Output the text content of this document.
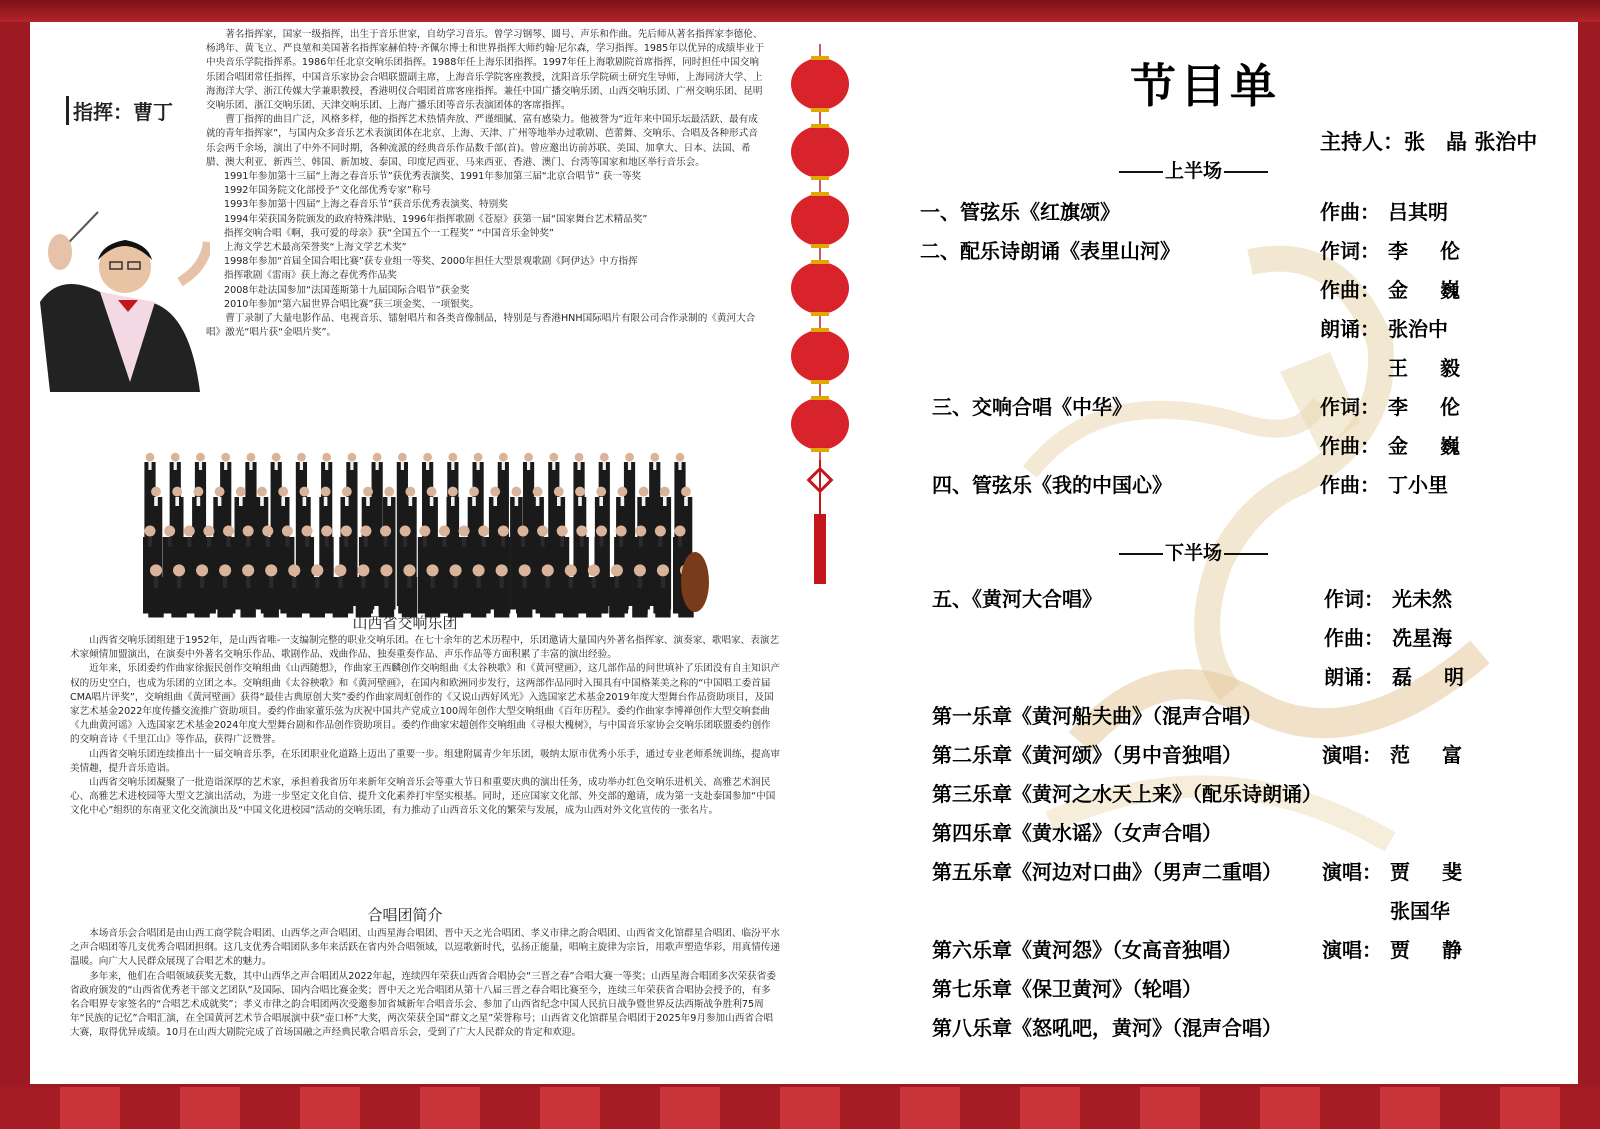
指挥：曹丁

著名指挥家，国家一级指挥，出生于音乐世家，自幼学习音乐。曾学习钢琴、圆号、声乐和作曲。先后师从著名指挥家李德伦、杨鸿年、黄飞立、严良堃和美国著名指挥家赫伯特·齐佩尔博士和世界指挥大师约翰·尼尔森，学习指挥。1985年以优异的成绩毕业于中央音乐学院指挥系。1986年任北京交响乐团指挥。1988年任上海乐团指挥。1997年任上海歌剧院首席指挥，同时担任中国交响乐团合唱团常任指挥，中国音乐家协会合唱联盟副主席，上海音乐学院客座教授，沈阳音乐学院硕士研究生导师，上海同济大学、上海海洋大学、浙江传媒大学兼职教授，香港明仪合唱团首席客座指挥。兼任中国广播交响乐团、山西交响乐团、广州交响乐团、昆明交响乐团、浙江交响乐团、天津交响乐团、上海广播乐团等音乐表演团体的客席指挥。

曹丁指挥的曲目广泛，风格多样，他的指挥艺术热情奔放、严谨细腻、富有感染力。他被誉为“近年来中国乐坛最活跃、最有成就的青年指挥家”，与国内众多音乐艺术表演团体在北京、上海、天津、广州等地举办过歌剧、芭蕾舞、交响乐、合唱及各种形式音乐会两千余场，演出了中外不同时期，各种流派的经典音乐作品数千部(首)。曾应邀出访前苏联、美国、加拿大、日本、法国、希腊、澳大利亚、新西兰、韩国、新加坡、泰国、印度尼西亚、马来西亚、香港、澳门、台湾等国家和地区举行音乐会。

1991年参加第十三届“上海之春音乐节”获优秀表演奖、1991年参加第三届“北京合唱节” 获一等奖
1992年国务院文化部授予“文化部优秀专家”称号
1993年参加第十四届“上海之春音乐节”获音乐优秀表演奖、特别奖
1994年荣获国务院颁发的政府特殊津贴、1996年指挥歌剧《苍原》获第一届“国家舞台艺术精品奖”
指挥交响合唱《啊，我可爱的母亲》获“全国五个一工程奖” “中国音乐金钟奖”
上海文学艺术最高荣誉奖“上海文学艺术奖”
1998年参加“首届全国合唱比赛”获专业组一等奖、2000年担任大型景观歌剧《阿伊达》中方指挥
指挥歌剧《雷雨》获上海之春优秀作品奖
2008年赴法国参加“法国莲斯第十九届国际合唱节”获金奖
2010年参加“第六届世界合唱比赛”获三项金奖、一项银奖。

曹丁录制了大量电影作品、电视音乐、镭射唱片和各类音像制品，特别是与香港HNH国际唱片有限公司合作录制的《黄河大合唱》激光“唱片获“金唱片奖”。

山西省交响乐团

山西省交响乐团组建于1952年，是山西省唯-一支编制完整的职业交响乐团。在七十余年的艺术历程中，乐团邀请大量国内外著名指挥家、演奏家、歌唱家、表演艺术家倾情加盟演出，在演奏中外著名交响乐作品、歌剧作品、戏曲作品、独奏重奏作品、声乐作品等方面积累了丰富的演出经验。

近年来，乐团委约作曲家徐振民创作交响组曲《山西随想》，作曲家王西麟创作交响组曲《太谷秧歌》和《黄河壁画》，这几部作品的问世填补了乐团没有自主知识产权的历史空白，也成为乐团的立团之本。交响组曲《太谷秧歌》和《黄河壁画》，在国内和欧洲同步发行，这两部作品同时入围具有中国格莱美之称的“中国唱工委首届CMA唱片评奖”，交响组曲《黄河壁画》获得“最佳古典原创大奖”委约作曲家周虹创作的《又说山西好风光》入选国家艺术基金2019年度大型舞台作品资助项目，及国家艺术基金2022年度传播交流推广资助项目。委约作曲家董乐弦为庆祝中国共产党成立100周年创作大型交响组曲《百年历程》。委约作曲家李博禅创作大型交响套曲《九曲黄河谣》入选国家艺术基金2024年度大型舞台剧和作品创作资助项目。委约作曲家宋超创作交响组曲《寻根大槐树》，与中国音乐家协会交响乐团联盟委约创作的交响音诗《千里江山》等作品，获得广泛赞誉。

山西省交响乐团连续推出十一届交响音乐季，在乐团职业化道路上迈出了重要一步。组建附属青少年乐团，吸纳太原市优秀小乐手，通过专业老师系统训练，提高审美情趣，提升音乐造诣。

山西省交响乐团凝聚了一批造诣深厚的艺术家，承担着我省历年来新年交响音乐会等重大节日和重要庆典的演出任务，成功举办红色交响乐进机关、高雅艺术润民心、高雅艺术进校园等大型文艺演出活动，为进一步坚定文化自信、提升文化素养打牢坚实根基。同时，还应国家文化部、外交部的邀请，成为第一支赴泰国参加“中国文化中心”组织的东南亚文化交流演出及“中国文化进校园”活动的交响乐团，有力推动了山西音乐文化的繁荣与发展，成为山西对外文化宣传的一张名片。

合唱团简介

本场音乐会合唱团是由山西工商学院合唱团、山西华之声合唱团、山西星海合唱团、晋中天之光合唱团、孝义市律之韵合唱团、山西省文化馆群星合唱团、临汾平水之声合唱团等几支优秀合唱团担纲。这几支优秀合唱团队多年来活跃在省内外合唱领域，以逗歌新时代，弘扬正能量，唱响主旋律为宗旨，用歌声塑造华彩，用真情传递温暖。向广大人民群众展现了合唱艺术的魅力。

多年来，他们在合唱领域获奖无数，其中山西华之声合唱团从2022年起，连续四年荣获山西省合唱协会“三晋之春”合唱大赛一等奖；山西星海合唱团多次荣获省委省政府颁发的“山西省优秀老干部文艺团队”及国际、国内合唱比赛金奖；晋中天之光合唱团从第十八届三晋之春合唱比赛至今，连续三年荣获省合唱协会授予的，有多名合唱界专家签名的“合唱艺术成就奖”；孝义市律之韵合唱团两次受邀参加省城新年合唱音乐会、参加了山西省纪念中国人民抗日战争暨世界反法西斯战争胜利75周年“民族的记忆”合唱汇演，在全国黄河艺术节合唱展演中获“壶口杯”大奖，两次荣获全国“群文之星”荣誉称号；山西省文化馆群星合唱团于2025年9月参加山西省合唱大赛，取得优异成绩。10月在山西大剧院完成了首场国融之声经典民歌合唱音乐会，受到了广大人民群众的肯定和欢迎。

节目单
主持人：张　晶 张治中
上半场
一、管弦乐《红旗颂》	作曲： 吕其明
二、配乐诗朗诵《表里山河》	作词： 李伦
作曲： 金巍
朗诵： 张治中
王毅
三、交响合唱《中华》	作词： 李伦
作曲： 金巍
四、管弦乐《我的中国心》	作曲： 丁小里
下半场
五、《黄河大合唱》	作词： 光未然
作曲： 冼星海
朗诵： 磊明
第一乐章《黄河船夫曲》（混声合唱）
第二乐章《黄河颂》（男中音独唱）	演唱： 范富
第三乐章《黄河之水天上来》（配乐诗朗诵）
第四乐章《黄水谣》（女声合唱）
第五乐章《河边对口曲》（男声二重唱） 演唱： 贾斐
张国华
第六乐章《黄河怨》（女高音独唱）	演唱： 贾静
第七乐章《保卫黄河》（轮唱）
第八乐章《怒吼吧，黄河》（混声合唱）
